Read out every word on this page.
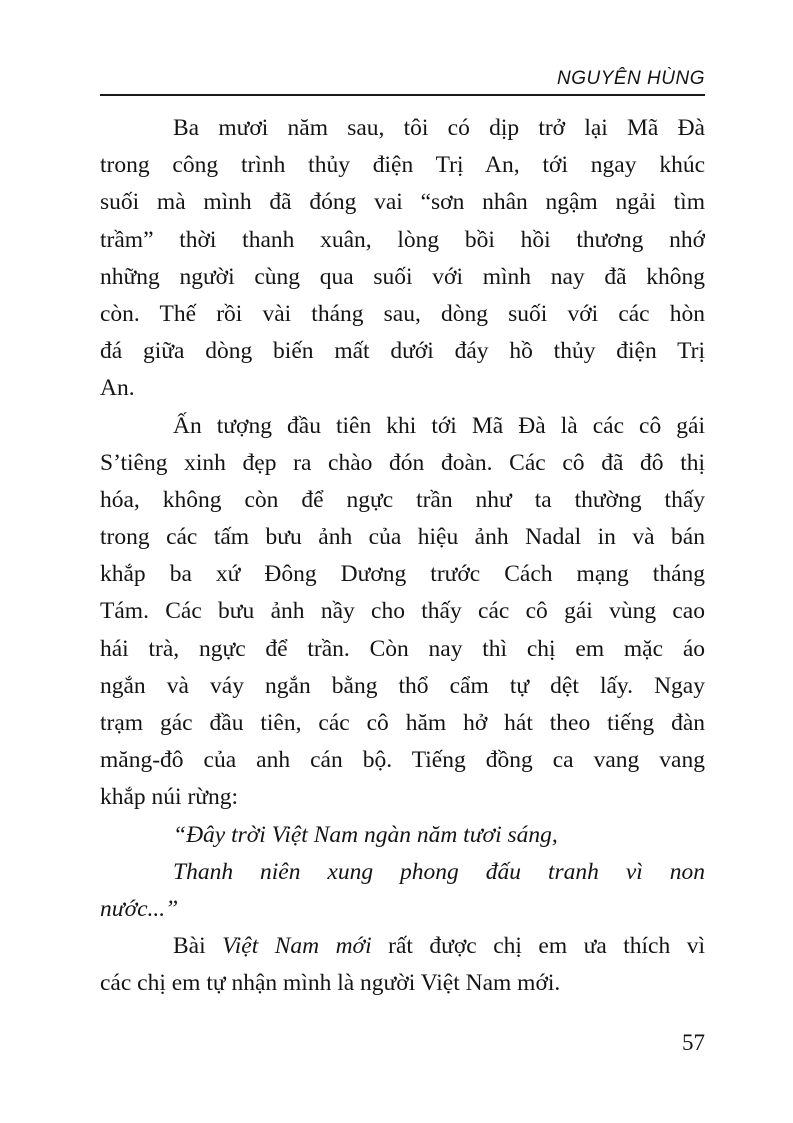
NGUYÊN HÙNG
Ba mươi năm sau, tôi có dịp trở lại Mã Đà
trong công trình thủy điện Trị An, tới ngay khúc
suối mà mình đã đóng vai “sơn nhân ngậm ngải tìm
trầm” thời thanh xuân, lòng bồi hồi thương nhớ
những người cùng qua suối với mình nay đã không
còn. Thế rồi vài tháng sau, dòng suối với các hòn
đá giữa dòng biến mất dưới đáy hồ thủy điện Trị
An.
Ấn tượng đầu tiên khi tới Mã Đà là các cô gái
S’tiêng xinh đẹp ra chào đón đoàn. Các cô đã đô thị
hóa, không còn để ngực trần như ta thường thấy
trong các tấm bưu ảnh của hiệu ảnh Nadal in và bán
khắp ba xứ Đông Dương trước Cách mạng tháng
Tám. Các bưu ảnh nầy cho thấy các cô gái vùng cao
hái trà, ngực để trần. Còn nay thì chị em mặc áo
ngắn và váy ngắn bằng thổ cẩm tự dệt lấy. Ngay
trạm gác đầu tiên, các cô hăm hở hát theo tiếng đàn
măng-đô của anh cán bộ. Tiếng đồng ca vang vang
khắp núi rừng:
“Đây trời Việt Nam ngàn năm tươi sáng,
Thanh niên xung phong đấu tranh vì non
nước...”
Bài Việt Nam mới rất được chị em ưa thích vì
các chị em tự nhận mình là người Việt Nam mới.
57
